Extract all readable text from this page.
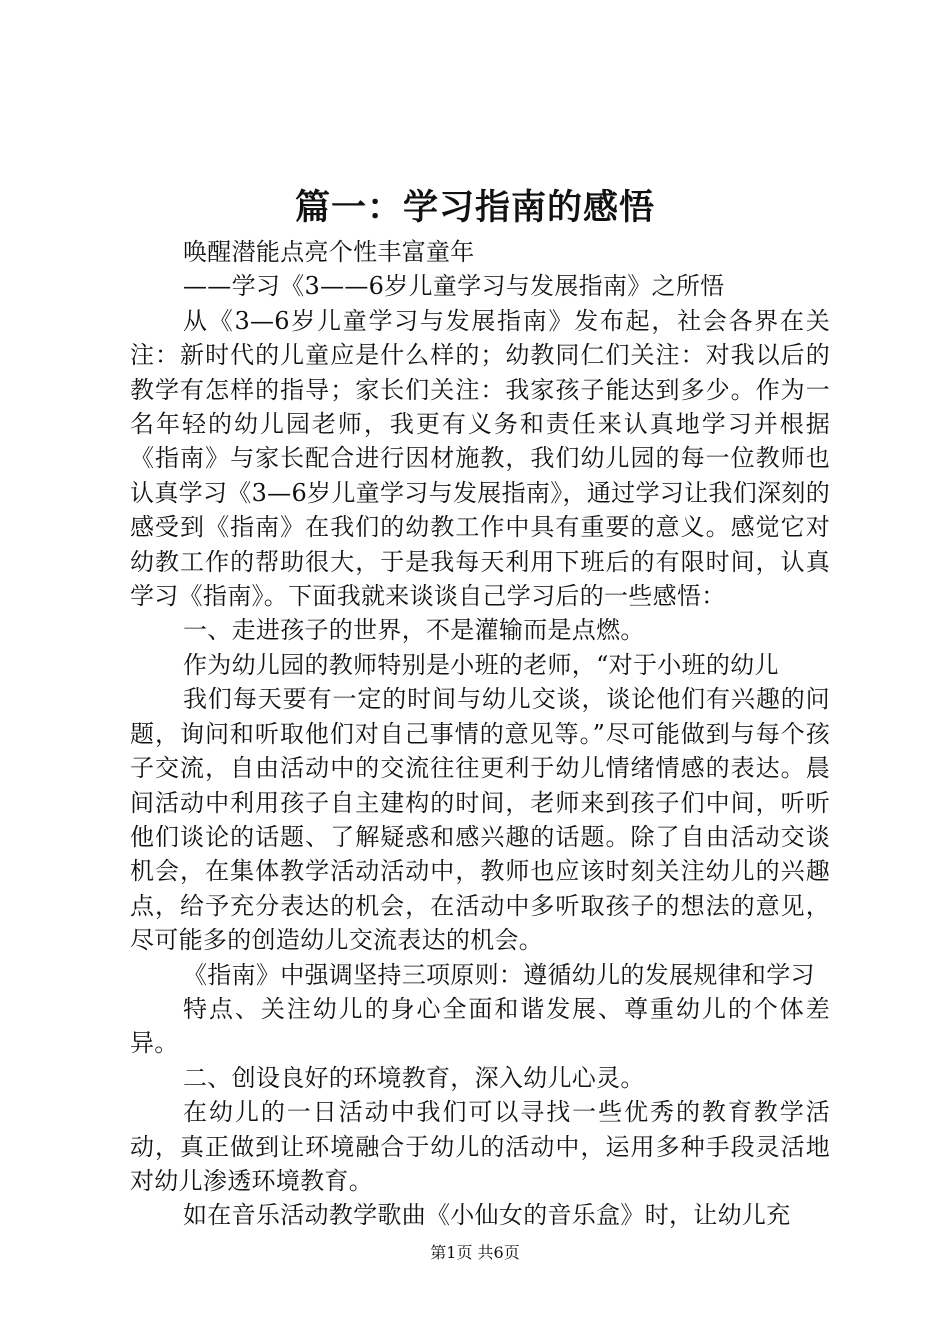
篇一：学习指南的感悟

唤醒潜能点亮个性丰富童年

——学习《3——6岁儿童学习与发展指南》之所悟

从《3—6岁儿童学习与发展指南》发布起，社会各界在关注：新时代的儿童应是什么样的；幼教同仁们关注：对我以后的教学有怎样的指导；家长们关注：我家孩子能达到多少。作为一名年轻的幼儿园老师，我更有义务和责任来认真地学习并根据《指南》与家长配合进行因材施教，我们幼儿园的每一位教师也认真学习《3—6岁儿童学习与发展指南》，通过学习让我们深刻的感受到《指南》在我们的幼教工作中具有重要的意义。感觉它对幼教工作的帮助很大，于是我每天利用下班后的有限时间，认真学习《指南》。下面我就来谈谈自己学习后的一些感悟：

一、走进孩子的世界，不是灌输而是点燃。

作为幼儿园的教师特别是小班的老师，“对于小班的幼儿

我们每天要有一定的时间与幼儿交谈，谈论他们有兴趣的问题，询问和听取他们对自己事情的意见等。”尽可能做到与每个孩子交流，自由活动中的交流往往更利于幼儿情绪情感的表达。晨间活动中利用孩子自主建构的时间，老师来到孩子们中间，听听他们谈论的话题、了解疑惑和感兴趣的话题。除了自由活动交谈机会，在集体教学活动活动中，教师也应该时刻关注幼儿的兴趣点，给予充分表达的机会，在活动中多听取孩子的想法的意见，尽可能多的创造幼儿交流表达的机会。

《指南》中强调坚持三项原则：遵循幼儿的发展规律和学习

特点、关注幼儿的身心全面和谐发展、尊重幼儿的个体差异。

二、创设良好的环境教育，深入幼儿心灵。

在幼儿的一日活动中我们可以寻找一些优秀的教育教学活动，真正做到让环境融合于幼儿的活动中，运用多种手段灵活地对幼儿渗透环境教育。

如在音乐活动教学歌曲《小仙女的音乐盒》时，让幼儿充

第1页 共6页
